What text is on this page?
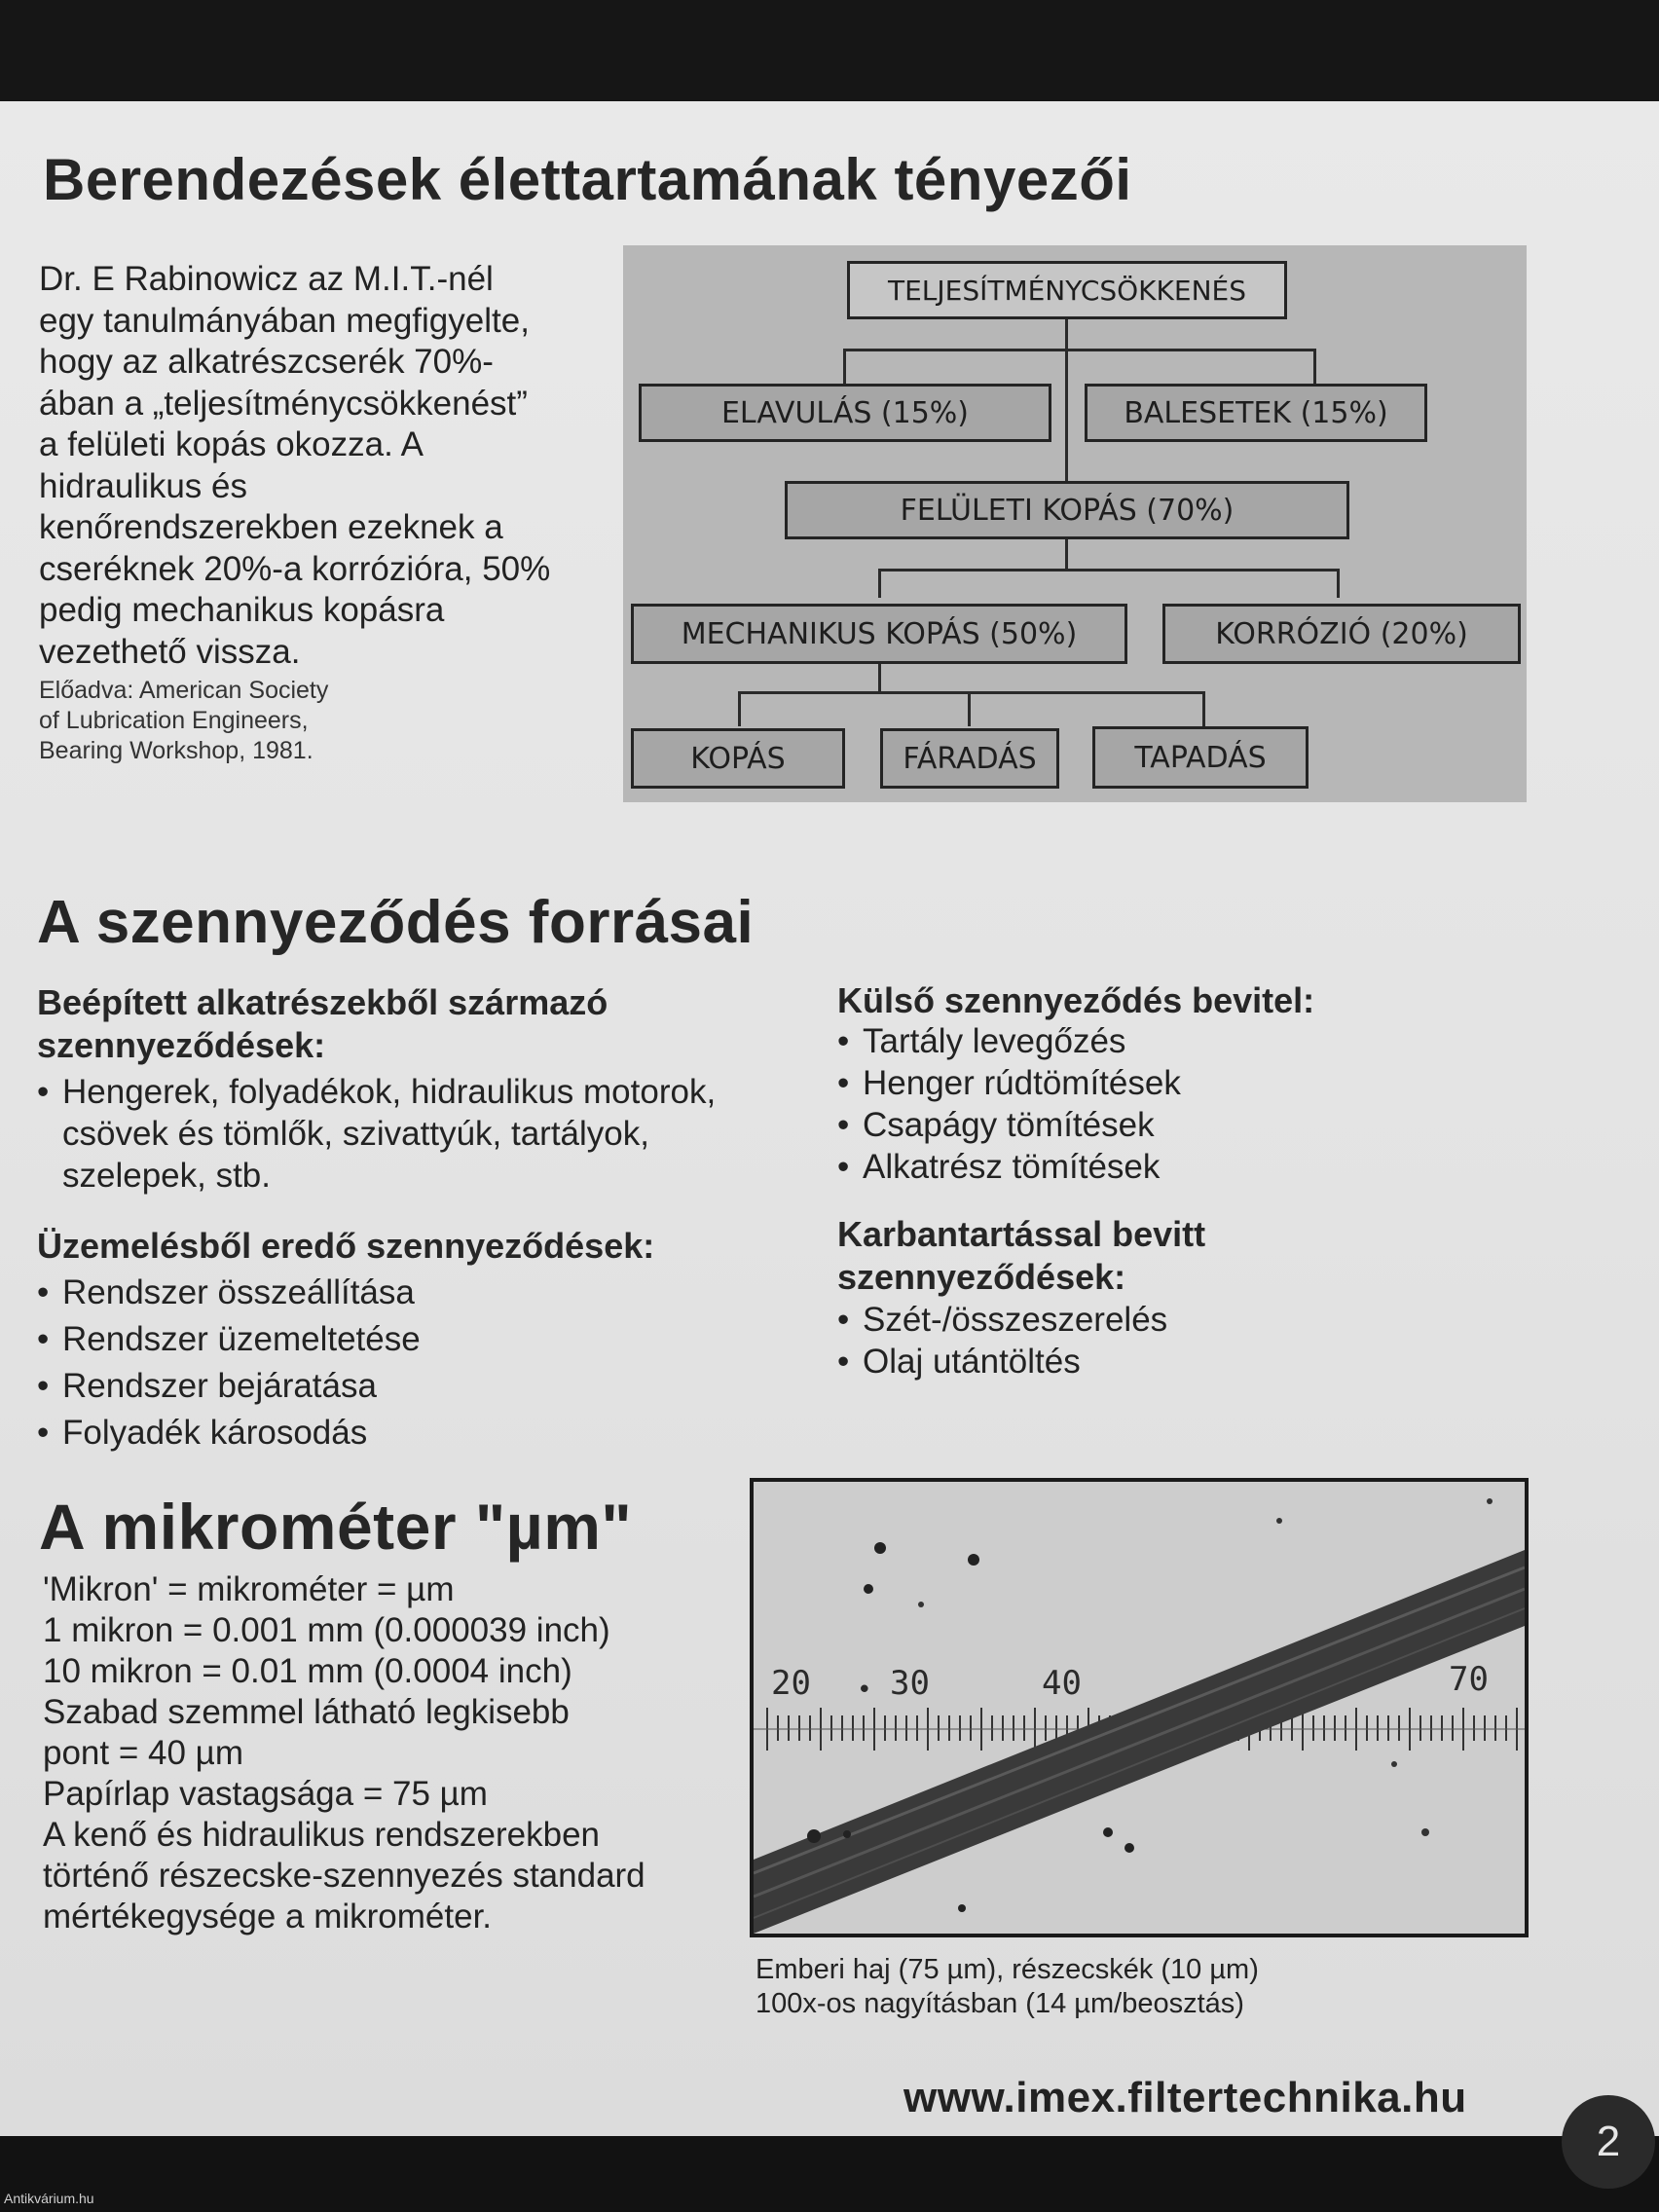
Berendezések élettartamának tényezői

Dr. E Rabinowicz az M.I.T.-nél

egy tanulmányában megfigyelte,

hogy az alkatrészcserék 70%-

ában a „teljesítménycsökkenést”

a felületi kopás okozza. A

hidraulikus és

kenőrendszerekben ezeknek a

cseréknek 20%-a korrózióra, 50%

pedig mechanikus kopásra

vezethető vissza.

Előadva: American Society

of Lubrication Engineers,

Bearing Workshop, 1981.

TELJESÍTMÉNYCSÖKKENÉS
ELAVULÁS (15%)	BALESETEK (15%)
FELÜLETI KOPÁS (70%)
MECHANIKUS KOPÁS (50%)	KORRÓZIÓ (20%)
KOPÁS	FÁRADÁS	TAPADÁS
A szennyeződés forrásai

Beépített alkatrészekből származó

szennyeződések:

• Hengerek, folyadékok, hidraulikus motorok,
csövek és tömlők, szivattyúk, tartályok,
szelepek, stb.
Üzemelésből eredő szennyeződések:
• Rendszer összeállítása
• Rendszer üzemeltetése
• Rendszer bejáratása
• Folyadék károsodás
Külső szennyeződés bevitel:
• Tartály levegőzés
• Henger rúdtömítések
• Csapágy tömítések
• Alkatrész tömítések

Karbantartással bevitt

szennyeződések:

• Szét-/összeszerelés
• Olaj utántöltés
A mikrométer "µm"

'Mikron' = mikrométer = µm

1 mikron = 0.001 mm (0.000039 inch)

10 mikron = 0.01 mm (0.0004 inch)

Szabad szemmel látható legkisebb

pont = 40 µm

Papírlap vastagsága = 75 µm

A kenő és hidraulikus rendszerekben

történő részecske-szennyezés standard

mértékegysége a mikrométer.

20 • 30	40	70

Emberi haj (75 µm), részecskék (10 µm)

100x-os nagyításban (14 µm/beosztás)

www.imex.filtertechnika.hu
2
Antikvárium.hu
